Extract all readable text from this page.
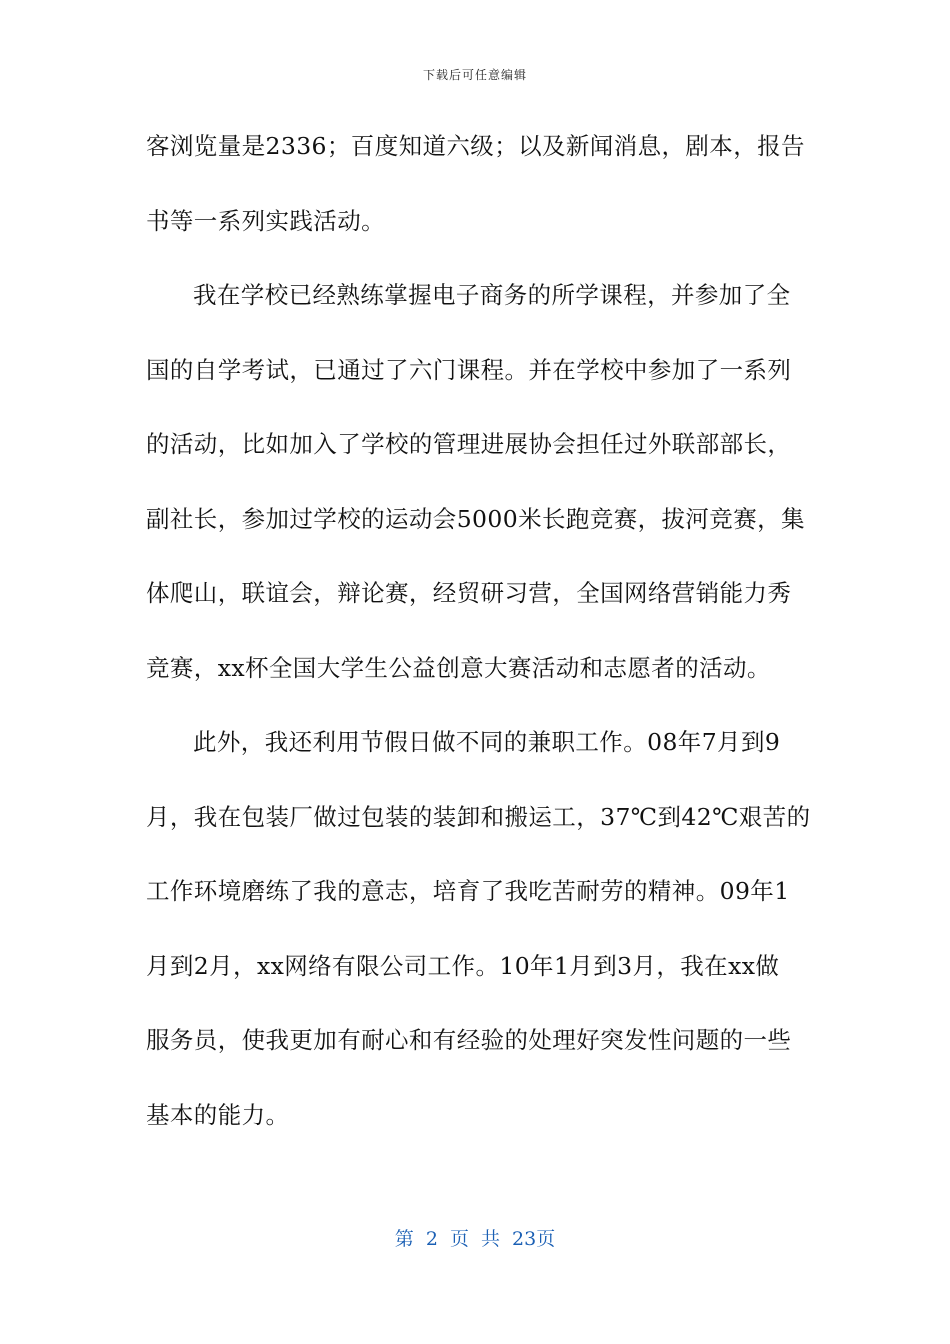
下载后可任意编辑
客浏览量是2336；百度知道六级；以及新闻消息，剧本，报告
书等一系列实践活动。
我在学校已经熟练掌握电子商务的所学课程，并参加了全
国的自学考试，已通过了六门课程。并在学校中参加了一系列
的活动，比如加入了学校的管理进展协会担任过外联部部长，
副社长，参加过学校的运动会5000米长跑竞赛，拔河竞赛，集
体爬山，联谊会，辩论赛，经贸研习营，全国网络营销能力秀
竞赛，xx杯全国大学生公益创意大赛活动和志愿者的活动。
此外，我还利用节假日做不同的兼职工作。08年7月到9
月，我在包装厂做过包装的装卸和搬运工，37℃到42℃艰苦的
工作环境磨练了我的意志，培育了我吃苦耐劳的精神。09年1
月到2月，xx网络有限公司工作。10年1月到3月，我在xx做
服务员，使我更加有耐心和有经验的处理好突发性问题的一些
基本的能力。
第 2 页 共 23页
